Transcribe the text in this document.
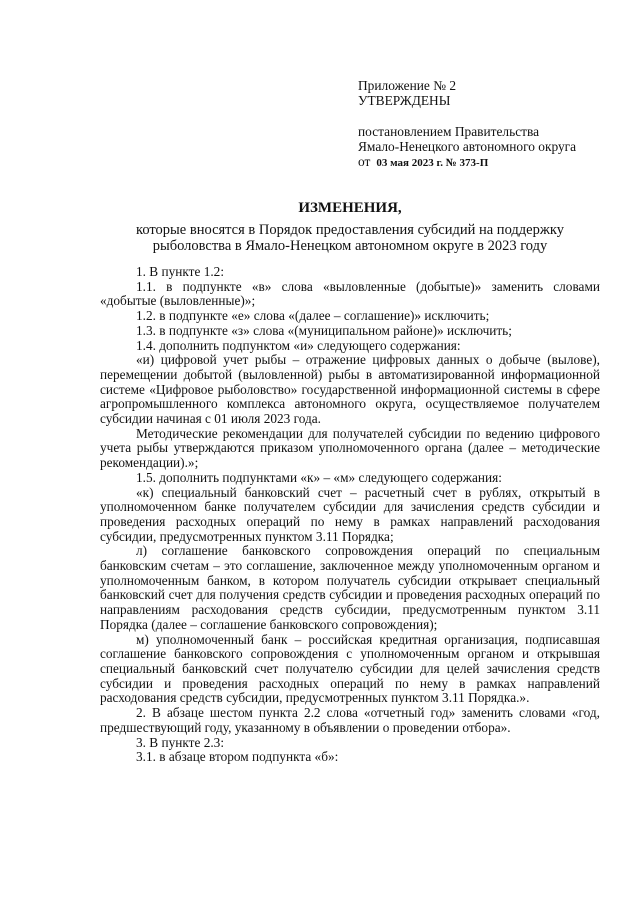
Приложение № 2
УТВЕРЖДЕНЫ
постановлением Правительства
Ямало-Ненецкого автономного округа
от 03 мая 2023 г. № 373-П
ИЗМЕНЕНИЯ,
которые вносятся в Порядок предоставления субсидий на поддержку
рыболовства в Ямало-Ненецком автономном округе в 2023 году

1. В пункте 1.2:

1.1. в подпункте «в» слова «выловленные (добытые)» заменить словами «добытые (выловленные)»;

1.2. в подпункте «е» слова «(далее – соглашение)» исключить;

1.3. в подпункте «з» слова «(муниципальном районе)» исключить;

1.4. дополнить подпунктом «и» следующего содержания:

«и) цифровой учет рыбы – отражение цифровых данных о добыче (вылове), перемещении добытой (выловленной) рыбы в автоматизированной информационной системе «Цифровое рыболовство» государственной информационной системы в сфере агропромышленного комплекса автономного округа, осуществляемое получателем субсидии начиная с 01 июля 2023 года.

Методические рекомендации для получателей субсидии по ведению цифрового учета рыбы утверждаются приказом уполномоченного органа (далее – методические рекомендации).»;

1.5. дополнить подпунктами «к» – «м» следующего содержания:

«к) специальный банковский счет – расчетный счет в рублях, открытый в уполномоченном банке получателем субсидии для зачисления средств субсидии и проведения расходных операций по нему в рамках направлений расходования субсидии, предусмотренных пунктом 3.11 Порядка;

л) соглашение банковского сопровождения операций по специальным банковским счетам – это соглашение, заключенное между уполномоченным органом и уполномоченным банком, в котором получатель субсидии открывает специальный банковский счет для получения средств субсидии и проведения расходных операций по направлениям расходования средств субсидии, предусмотренным пунктом 3.11 Порядка (далее – соглашение банковского сопровождения);

м) уполномоченный банк – российская кредитная организация, подписавшая соглашение банковского сопровождения с уполномоченным органом и открывшая специальный банковский счет получателю субсидии для целей зачисления средств субсидии и проведения расходных операций по нему в рамках направлений расходования средств субсидии, предусмотренных пунктом 3.11 Порядка.».

2. В абзаце шестом пункта 2.2 слова «отчетный год» заменить словами «год, предшествующий году, указанному в объявлении о проведении отбора».

3. В пункте 2.3:

3.1. в абзаце втором подпункта «б»:
